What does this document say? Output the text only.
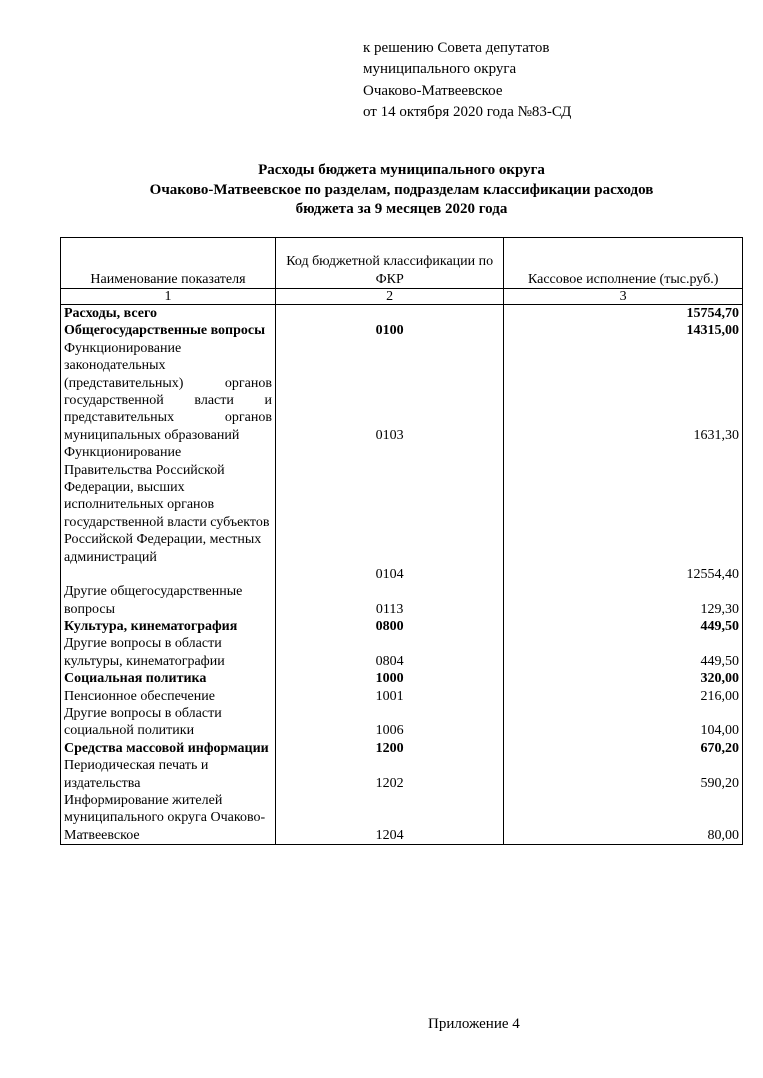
к решению Совета депутатов
муниципального округа
Очаково-Матвеевское
от 14 октября 2020 года №83-СД
Расходы бюджета муниципального округа
Очаково-Матвеевское по разделам, подразделам классификации расходов
бюджета за 9 месяцев 2020 года
Наименование показателя	Код бюджетной классификации по ФКР	Кассовое исполнение (тыс.руб.)
1	2	3
Расходы, всего		15754,70
Общегосударственные вопросы	0100	14315,00
Функционирование законодательных (представительных) органов государственной власти и представительных органов муниципальных образований	0103	1631,30
Функционирование Правительства Российской Федерации, высших исполнительных органов государственной власти субъектов Российской Федерации, местных администраций	0104	12554,40
Другие общегосударственные вопросы	0113	129,30
Культура, кинематография	0800	449,50
Другие вопросы в области культуры, кинематографии	0804	449,50
Социальная политика	1000	320,00
Пенсионное обеспечение	1001	216,00
Другие вопросы в области социальной политики	1006	104,00
Средства массовой информации	1200	670,20
Периодическая печать и издательства	1202	590,20
Информирование жителей муниципального округа Очаково-Матвеевское	1204	80,00
Приложение 4
